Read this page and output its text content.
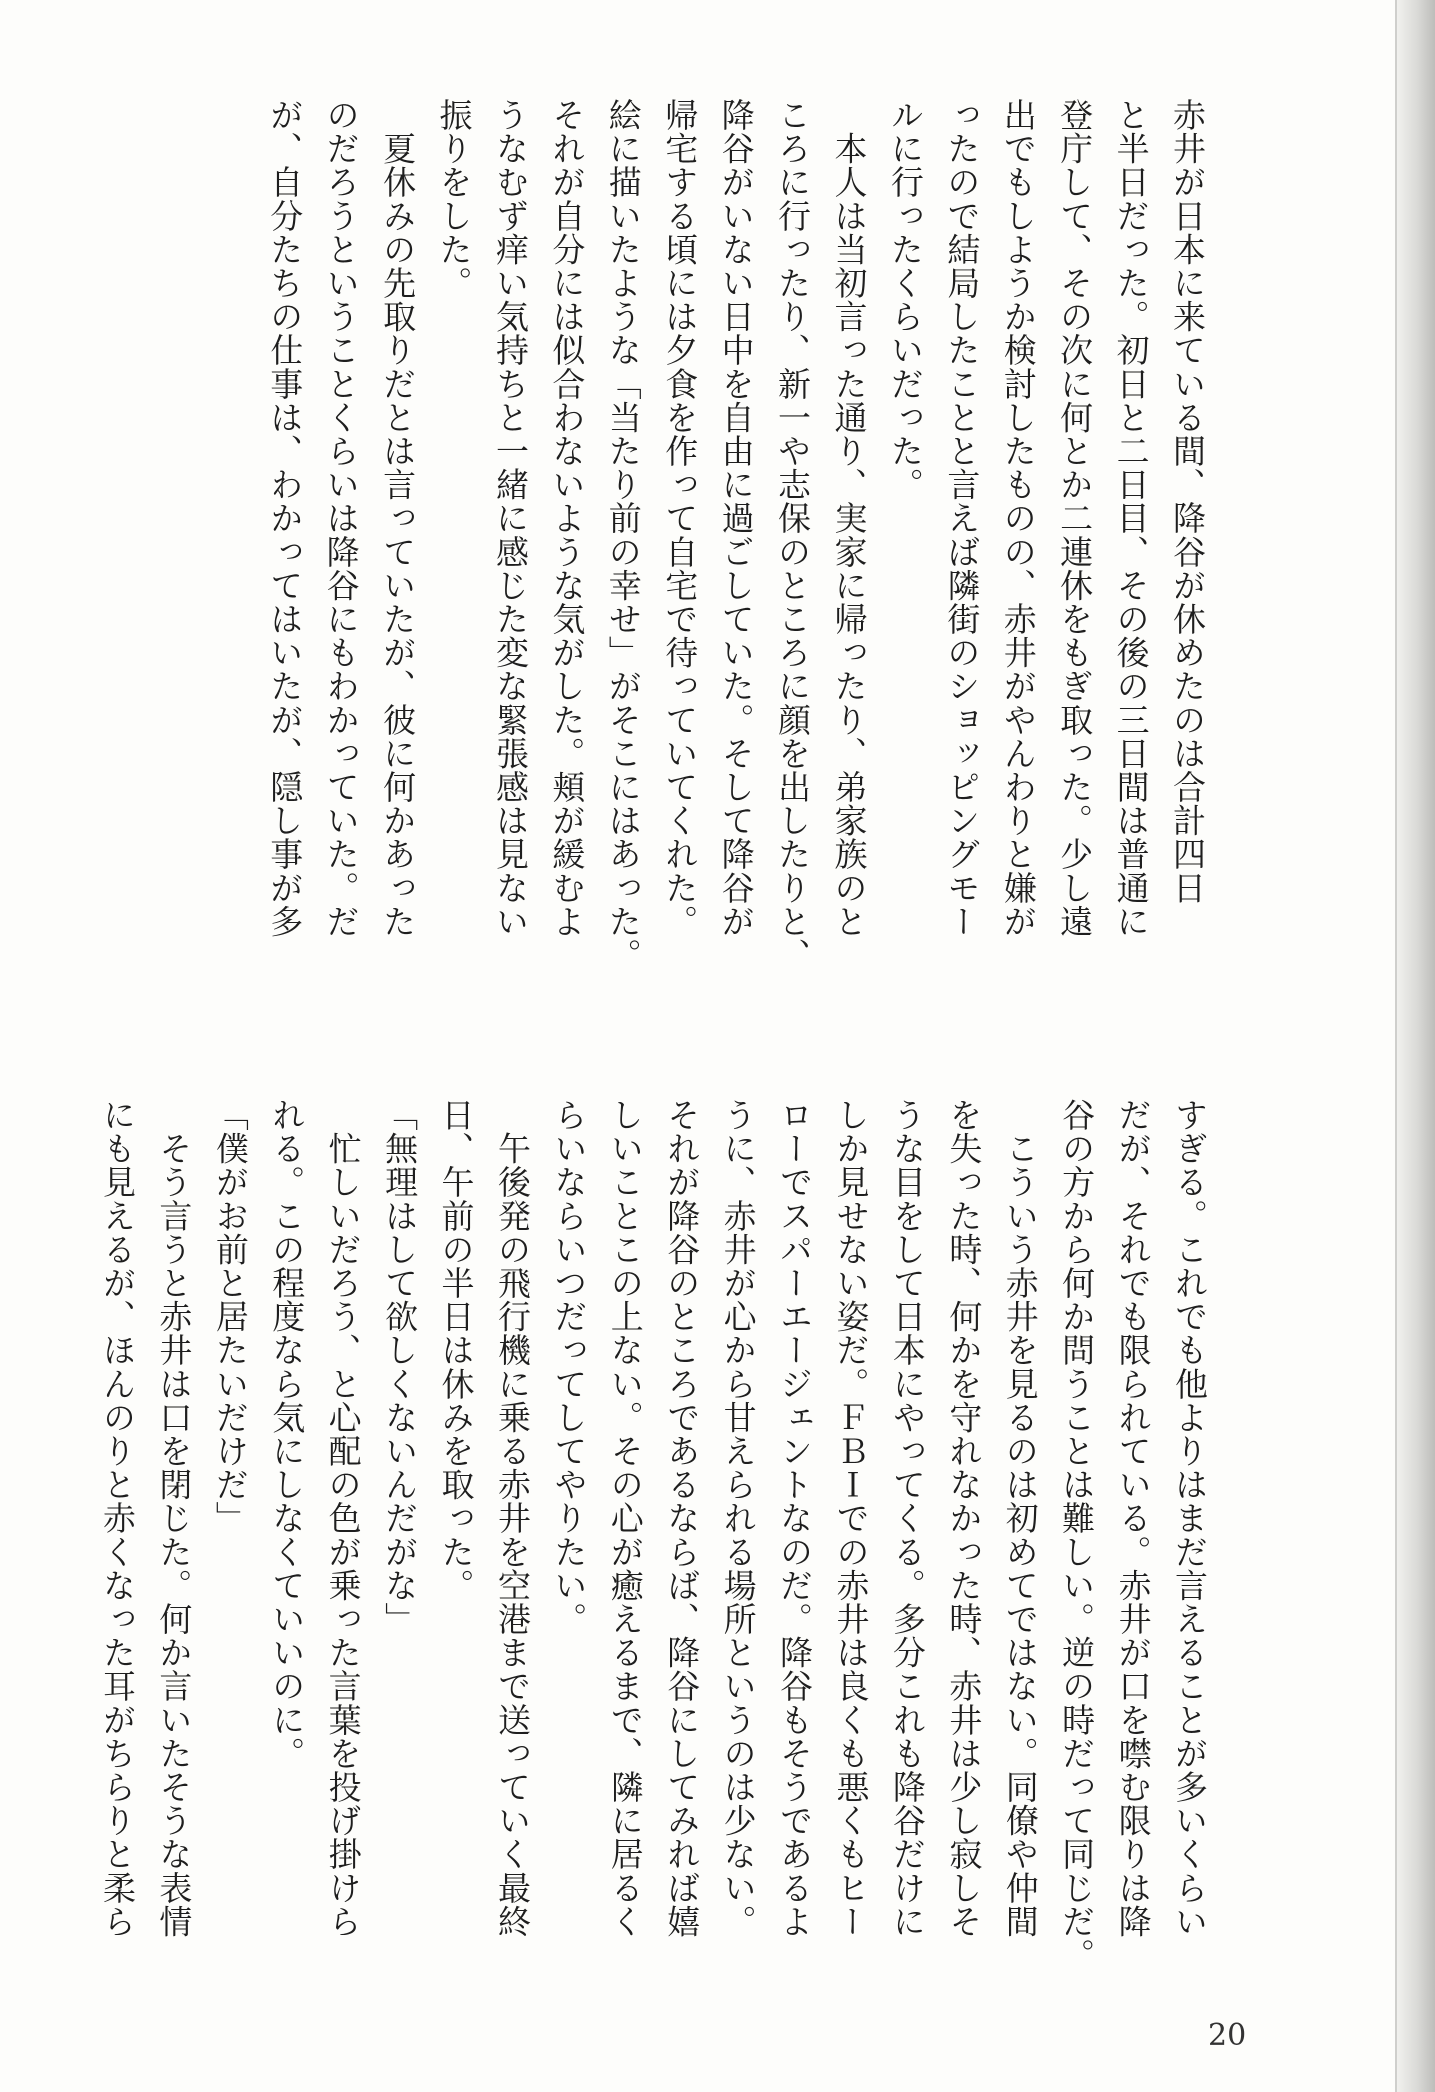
赤井が日本に来ている間、降谷が休めたのは合計四日

と半日だった。初日と二日目、その後の三日間は普通に

登庁して、その次に何とか二連休をもぎ取った。少し遠

出でもしようか検討したものの、赤井がやんわりと嫌が

ったので結局したことと言えば隣街のショッピングモー

ルに行ったくらいだった。

　本人は当初言った通り、実家に帰ったり、弟家族のと

ころに行ったり、新一や志保のところに顔を出したりと、

降谷がいない日中を自由に過ごしていた。そして降谷が

帰宅する頃には夕食を作って自宅で待っていてくれた。

絵に描いたような「当たり前の幸せ」がそこにはあった。

それが自分には似合わないような気がした。頬が緩むよ

うなむず痒い気持ちと一緒に感じた変な緊張感は見ない

振りをした。

　夏休みの先取りだとは言っていたが、彼に何かあった

のだろうということくらいは降谷にもわかっていた。だ

が、自分たちの仕事は、わかってはいたが、隠し事が多

すぎる。これでも他よりはまだ言えることが多いくらい

だが、それでも限られている。赤井が口を噤む限りは降

谷の方から何か問うことは難しい。逆の時だって同じだ。

　こういう赤井を見るのは初めてではない。同僚や仲間

を失った時、何かを守れなかった時、赤井は少し寂しそ

うな目をして日本にやってくる。多分これも降谷だけに

しか見せない姿だ。ＦＢＩでの赤井は良くも悪くもヒー

ローでスパーエージェントなのだ。降谷もそうであるよ

うに、赤井が心から甘えられる場所というのは少ない。

それが降谷のところであるならば、降谷にしてみれば嬉

しいことこの上ない。その心が癒えるまで、隣に居るく

らいならいつだってしてやりたい。

　午後発の飛行機に乗る赤井を空港まで送っていく最終

日、午前の半日は休みを取った。

「無理はして欲しくないんだがな」

　忙しいだろう、と心配の色が乗った言葉を投げ掛けら

れる。この程度なら気にしなくていいのに。

「僕がお前と居たいだけだ」

　そう言うと赤井は口を閉じた。何か言いたそうな表情

にも見えるが、ほんのりと赤くなった耳がちらりと柔ら

20
